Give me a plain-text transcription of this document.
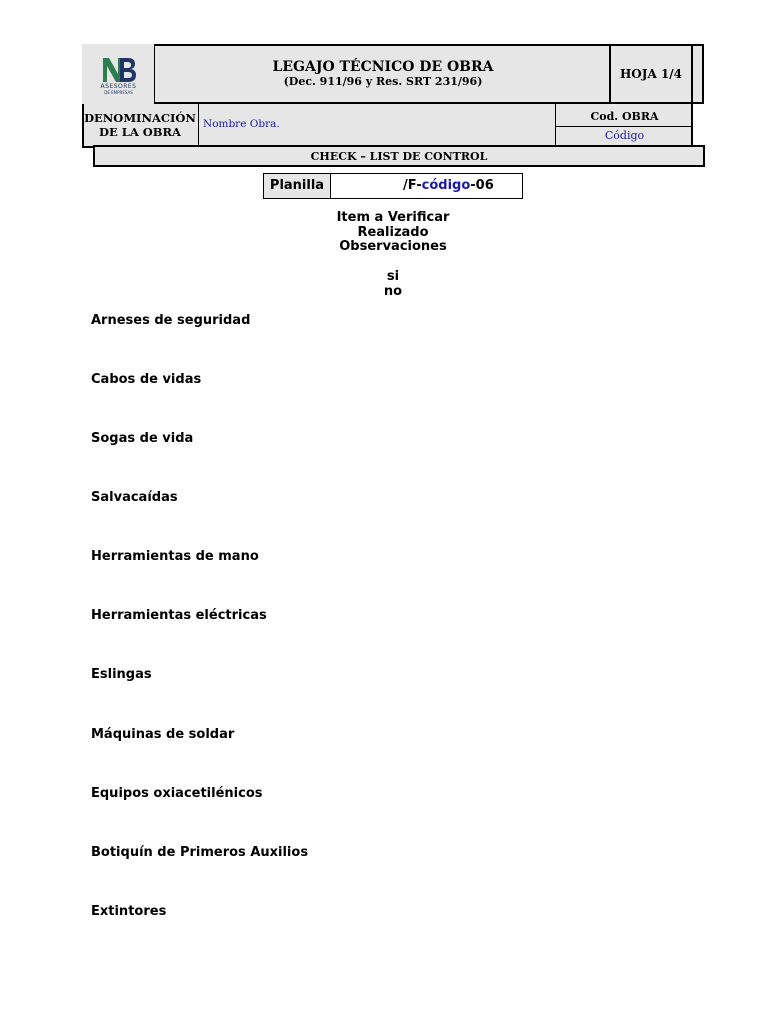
ASESORES
DE EMPRESAS
LEGAJO TÉCNICO DE OBRA
(Dec. 911/96 y Res. SRT 231/96)
HOJA 1/4
DENOMINACIÓN
DE LA OBRA
Nombre Obra.
Cod. OBRA
Código
CHECK – LIST DE CONTROL
Planilla	/F-código-06
Item a Verificar
Realizado
Observaciones
si
no
Arneses de seguridad
Cabos de vidas
Sogas de vida
Salvacaídas
Herramientas de mano
Herramientas eléctricas
Eslingas
Máquinas de soldar
Equipos oxiacetilénicos
Botiquín de Primeros Auxilios
Extintores
